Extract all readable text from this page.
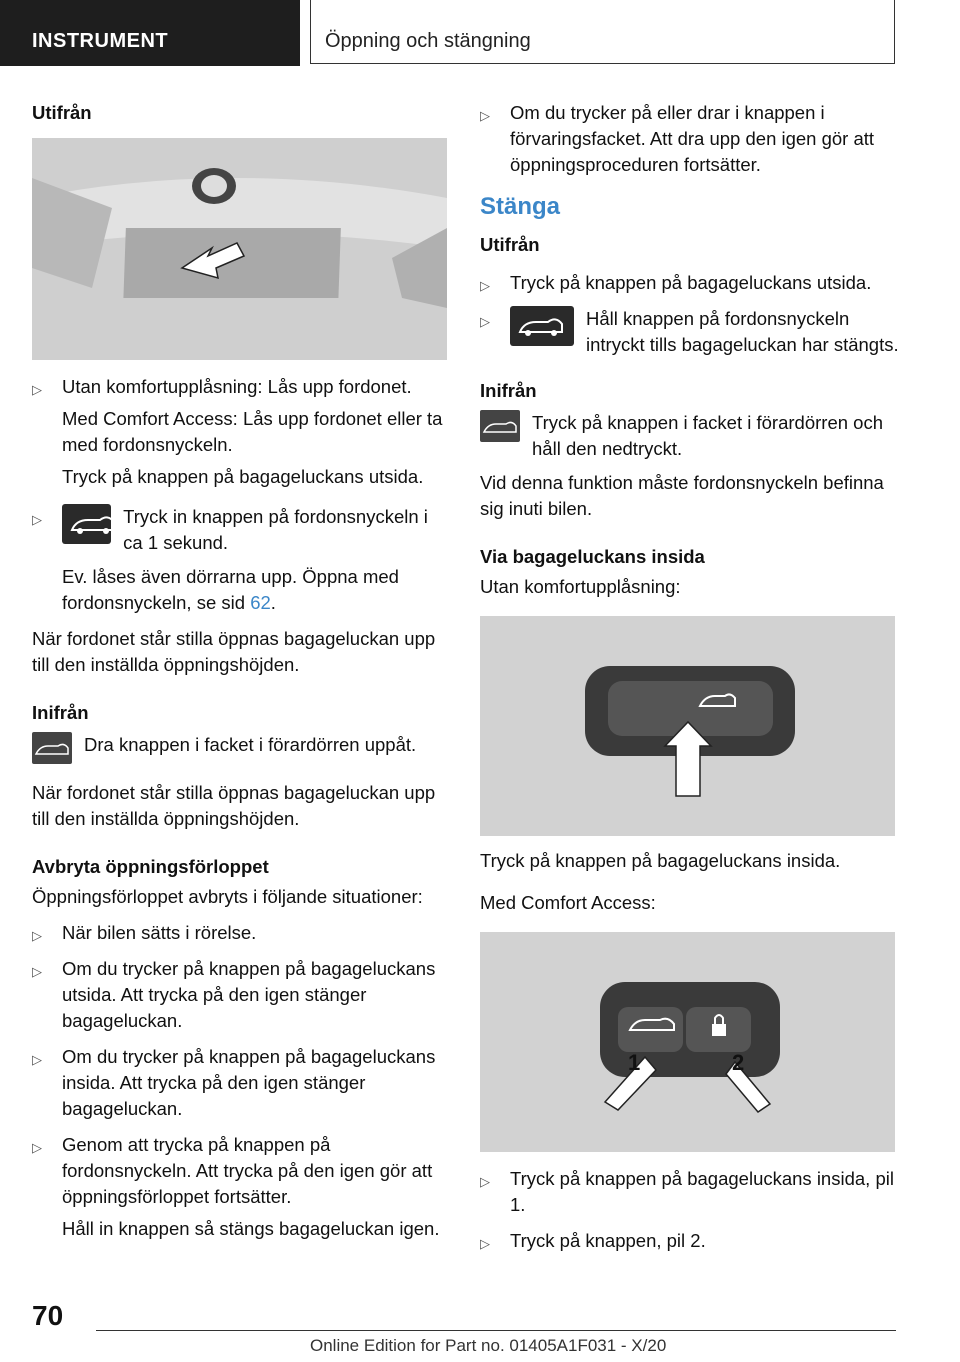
INSTRUMENT	Öppning och stängning
Utifrån
▷ Utan komfortupplåsning: Lås upp fordonet.

Med Comfort Access: Lås upp fordonet eller ta med fordonsnyckeln.

Tryck på knappen på bagageluckans utsida.

▷	Tryck in knappen på fordonsnyckeln i ca 1 sekund.

Ev. låses även dörrarna upp. Öppna med fordonsnyckeln, se sid 62.

När fordonet står stilla öppnas bagageluckan upp till den inställda öppningshöjden.

Inifrån
Dra knappen i facket i förardörren uppåt.

När fordonet står stilla öppnas bagageluckan upp till den inställda öppningshöjden.

Avbryta öppningsförloppet

Öppningsförloppet avbryts i följande situationer:

▷ När bilen sätts i rörelse.

▷ Om du trycker på knappen på bagageluckans utsida. Att trycka på den igen stänger bagageluckan.

▷ Om du trycker på knappen på bagageluckans insida. Att trycka på den igen stänger bagageluckan.

▷ Genom att trycka på knappen på fordonsnyckeln. Att trycka på den igen gör att öppningsförloppet fortsätter.

Håll in knappen så stängs bagageluckan igen.

▷ Om du trycker på eller drar i knappen i förvaringsfacket. Att dra upp den igen gör att öppningsproceduren fortsätter.

Stänga
Utifrån
▷ Tryck på knappen på bagageluckans utsida.

▷	Håll knappen på fordonsnyckeln intryckt tills bagageluckan har stängts.
Inifrån
Tryck på knappen i facket i förardörren och håll den nedtryckt.

Vid denna funktion måste fordonsnyckeln befinna sig inuti bilen.

Via bagageluckans insida

Utan komfortupplåsning:

Tryck på knappen på bagageluckans insida.

Med Comfort Access:

1	2
▷ Tryck på knappen på bagageluckans insida, pil 1.

▷ Tryck på knappen, pil 2.

70
Online Edition for Part no. 01405A1F031 - X/20
